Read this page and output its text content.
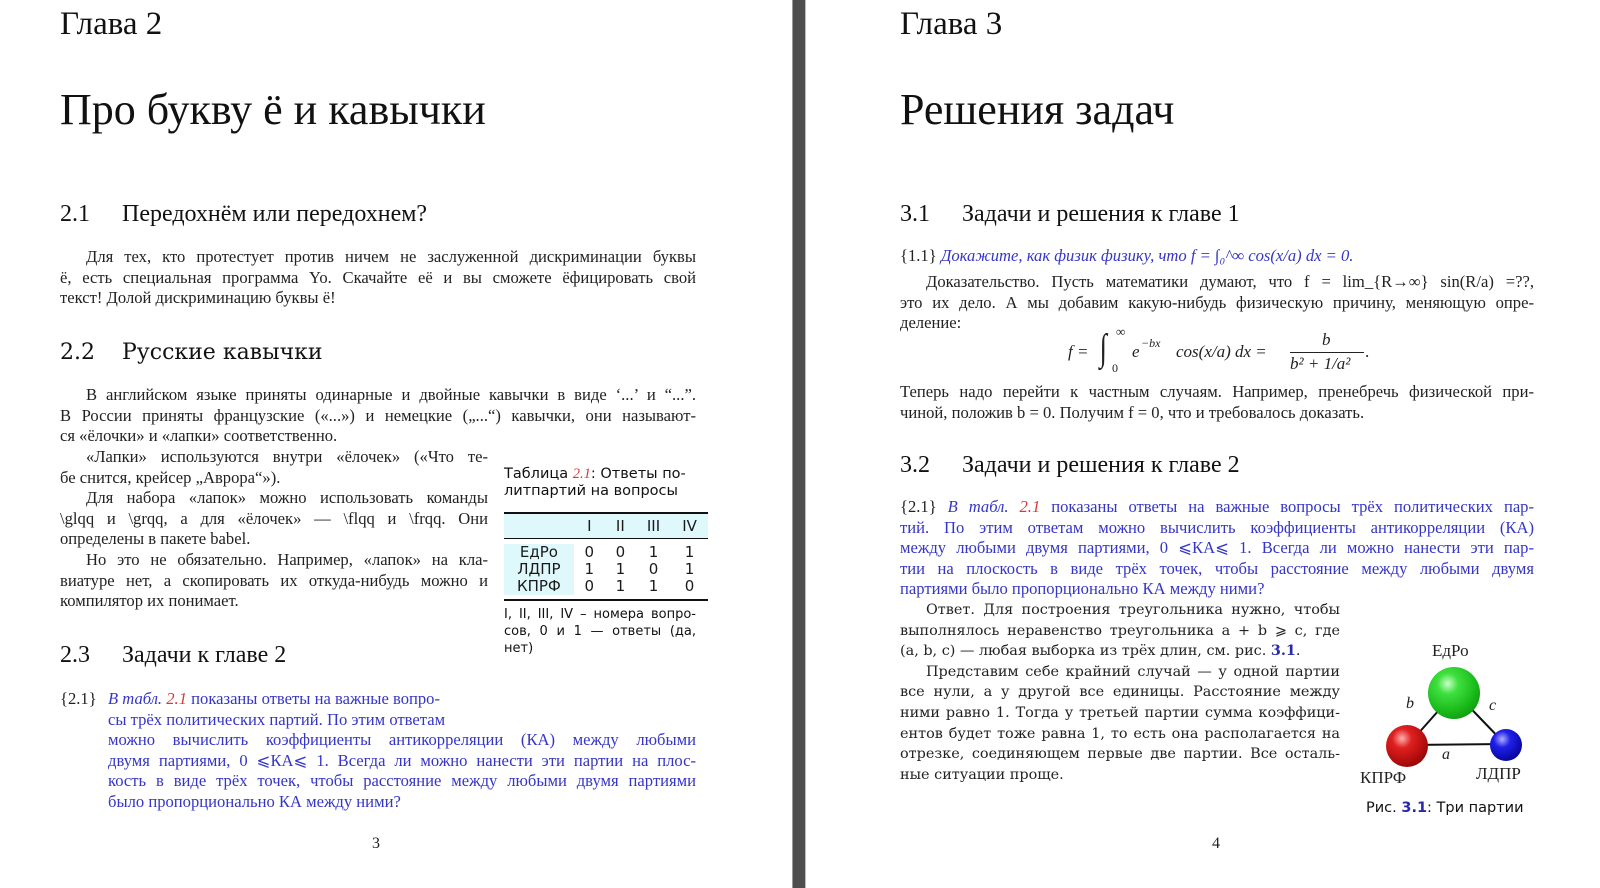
Глава 2
Про букву ё и кавычки
2.1 Передохнём или передохнем?
Для тех, кто протестует против ничем не заслуженной дискриминации буквы
ё, есть специальная программа Yo. Скачайте её и вы сможете ёфицировать свой
текст! Долой дискриминацию буквы ё!
2.2 Русские кавычки
В английском языке приняты одинарные и двойные кавычки в виде ‘...’ и “...”.
В России приняты французские («...») и немецкие („...“) кавычки, они называют-
ся «ёлочки» и «лапки» соответственно.
«Лапки» используются внутри «ёлочек» («Что те-
бе снится, крейсер „Аврора“»).
Для набора «лапок» можно использовать команды
\glqq и \grqq, а для «ёлочек» — \flqq и \frqq. Они
определены в пакете babel.
Но это не обязательно. Например, «лапок» на кла-
виатуре нет, а скопировать их откуда-нибудь можно и
компилятор их понимает.
Таблица 2.1: Ответы по-
литпартий на вопросы
	I	II	III	IV

ЕдРо	0	0	1	1
ЛДПР	1	1	0	1
КПРФ	0	1	1	0

I, II, III, IV – номера вопро-
сов, 0 и 1 — ответы (да,
нет)
2.3 Задачи к главе 2
{2.1} В табл. 2.1 показаны ответы на важные вопро-
сы трёх политических партий. По этим ответам
можно вычислить коэффициенты антикорреляции (КА) между любыми
двумя партиями, 0 ⩽КА⩽ 1. Всегда ли можно нанести эти партии на плос-
кость в виде трёх точек, чтобы расстояние между любыми двумя партиями
было пропорционально КА между ними?
3
Глава 3
Решения задач
3.1 Задачи и решения к главе 1
{1.1} Докажите, как физик физику, что f = ∫₀^∞ cos(x/a) dx = 0.
Доказательство. Пусть математики думают, что f = lim_{R→∞} sin(R/a) =??,
это их дело. А мы добавим какую-нибудь физическую причину, меняющую опре-
деление:
f = ∫ ∞
0
e −bx cos(x/a) dx =
b
b² + 1/a²
.
Теперь надо перейти к частным случаям. Например, пренебречь физической при-
чиной, положив b = 0. Получим f = 0, что и требовалось доказать.
3.2 Задачи и решения к главе 2
{2.1} В табл. 2.1 показаны ответы на важные вопросы трёх политических пар-
тий. По этим ответам можно вычислить коэффициенты антикорреляции (КА)
между любыми двумя партиями, 0 ⩽КА⩽ 1. Всегда ли можно нанести эти пар-
тии на плоскость в виде трёх точек, чтобы расстояние между любыми двумя
партиями было пропорционально КА между ними?
Ответ. Для построения треугольника нужно, чтобы
выполнялось неравенство треугольника a + b ⩾ c, где
(a, b, c) — любая выборка из трёх длин, см. рис. 3.1.
Представим себе крайний случай — у одной партии
все нули, а у другой все единицы. Расстояние между
ними равно 1. Тогда у третьей партии сумма коэффици-
ентов будет тоже равна 1, то есть она располагается на
отрезке, соединяющем первые две партии. Все осталь-
ные ситуации проще.
ЕдРо
КПРФ	ЛДПР
b	c
a
Рис. 3.1: Три партии
4
